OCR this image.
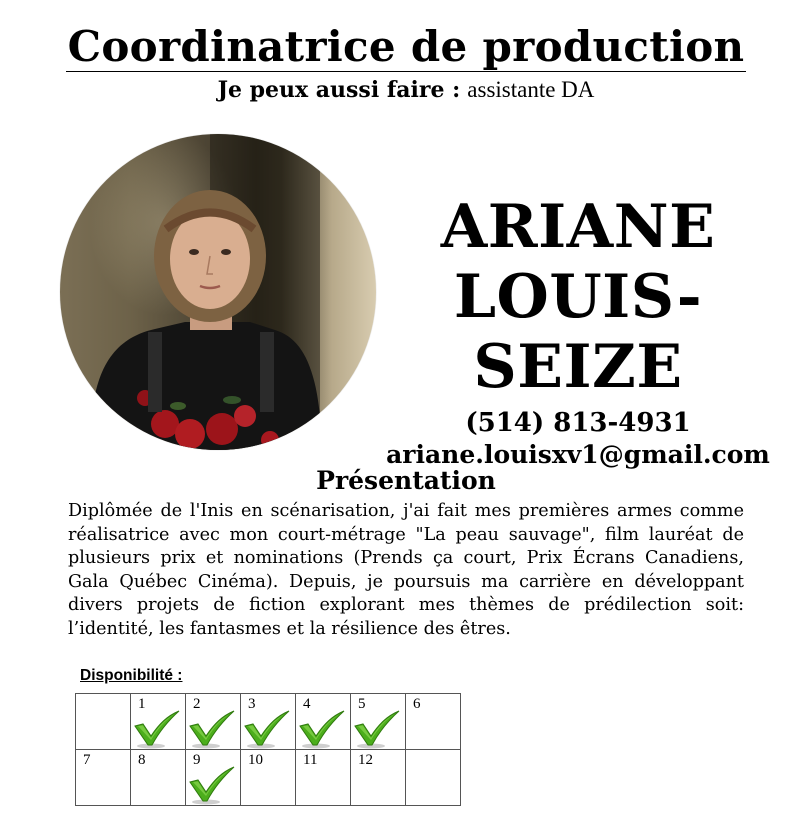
Coordinatrice de production
Je peux aussi faire : assistante DA
ARIANE
LOUIS-SEIZE
(514) 813-4931
ariane.louisxv1@gmail.com
Présentation
Diplômée de l'Inis en scénarisation, j'ai fait mes premières armes comme réalisatrice avec mon court-métrage "La peau sauvage", film lauréat de plusieurs prix et nominations (Prends ça court, Prix Écrans Canadiens, Gala Québec Cinéma). Depuis, je poursuis ma carrière en développant divers projets de fiction explorant mes thèmes de prédilection soit: l’identité, les fantasmes et la résilience des êtres.
Disponibilité :

	1	2	3	4	5	6

7	8	9	10	11	12	
